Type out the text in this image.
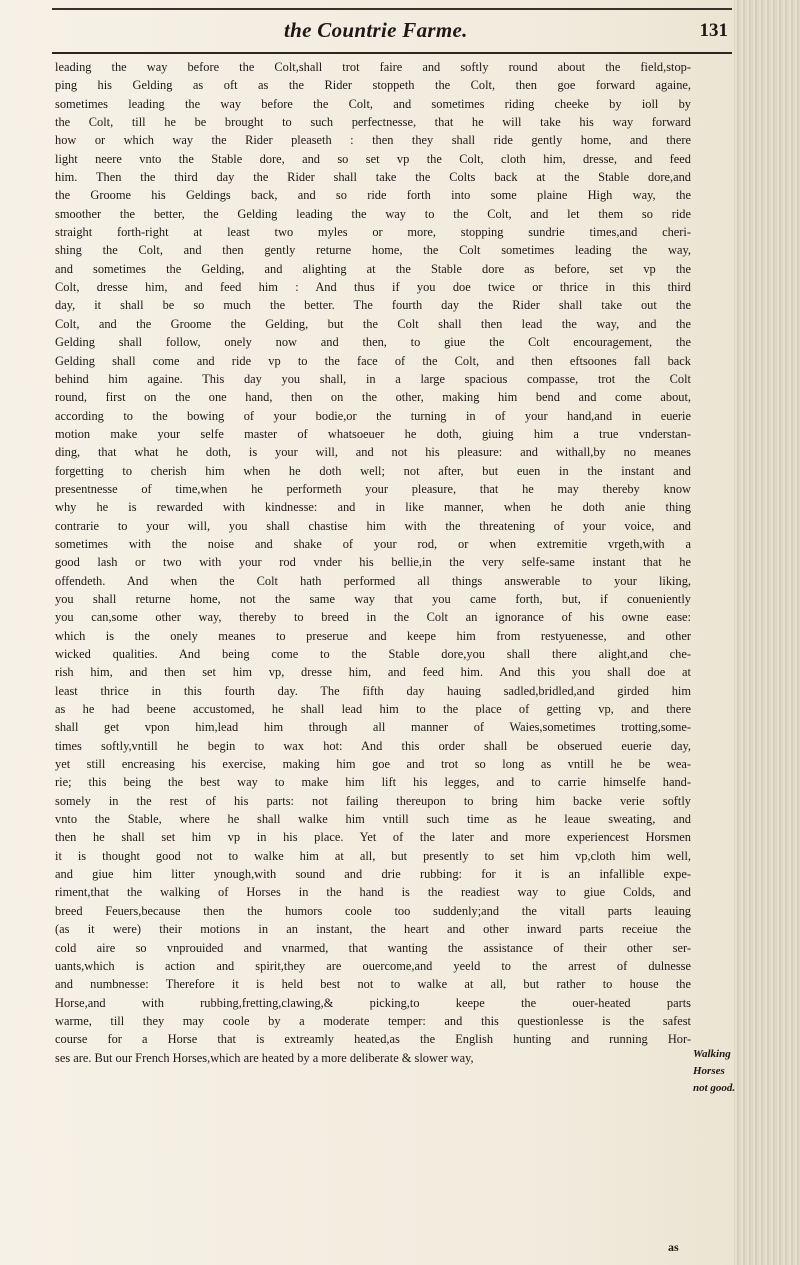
the Countrie Farme.	131
leading the way before the Colt,shall trot faire and softly round about the field,stop-
ping his Gelding as oft as the Rider stoppeth the Colt, then goe forward againe,
sometimes leading the way before the Colt, and sometimes riding cheeke by ioll by
the Colt, till he be brought to such perfectnesse, that he will take his way forward
how or which way the Rider pleaseth : then they shall ride gently home, and there
light neere vnto the Stable dore, and so set vp the Colt, cloth him, dresse, and feed
him. Then the third day the Rider shall take the Colts back at the Stable dore,and
the Groome his Geldings back, and so ride forth into some plaine High way, the
smoother the better, the Gelding leading the way to the Colt, and let them so ride
straight forth-right at least two myles or more, stopping sundrie times,and cheri-
shing the Colt, and then gently returne home, the Colt sometimes leading the way,
and sometimes the Gelding, and alighting at the Stable dore as before, set vp the
Colt, dresse him, and feed him : And thus if you doe twice or thrice in this third
day, it shall be so much the better. The fourth day the Rider shall take out the
Colt, and the Groome the Gelding, but the Colt shall then lead the way, and the
Gelding shall follow, onely now and then, to giue the Colt encouragement, the
Gelding shall come and ride vp to the face of the Colt, and then eftsoones fall back
behind him againe. This day you shall, in a large spacious compasse, trot the Colt
round, first on the one hand, then on the other, making him bend and come about,
according to the bowing of your bodie,or the turning in of your hand,and in euerie
motion make your selfe master of whatsoeuer he doth, giuing him a true vnderstan-
ding, that what he doth, is your will, and not his pleasure: and withall,by no meanes
forgetting to cherish him when he doth well; not after, but euen in the instant and
presentnesse of time,when he performeth your pleasure, that he may thereby know
why he is rewarded with kindnesse: and in like manner, when he doth anie thing
contrarie to your will, you shall chastise him with the threatening of your voice, and
sometimes with the noise and shake of your rod, or when extremitie vrgeth,with a
good lash or two with your rod vnder his bellie,in the very selfe-same instant that he
offendeth. And when the Colt hath performed all things answerable to your liking,
you shall returne home, not the same way that you came forth, but, if conueniently
you can,some other way, thereby to breed in the Colt an ignorance of his owne ease:
which is the onely meanes to preserue and keepe him from restyuenesse, and other
wicked qualities. And being come to the Stable dore,you shall there alight,and che-
rish him, and then set him vp, dresse him, and feed him. And this you shall doe at
least thrice in this fourth day. The fifth day hauing sadled,bridled,and girded him
as he had beene accustomed, he shall lead him to the place of getting vp, and there
shall get vpon him,lead him through all manner of Waies,sometimes trotting,some-
times softly,vntill he begin to wax hot: And this order shall be obserued euerie day,
yet still encreasing his exercise, making him goe and trot so long as vntill he be wea-
rie; this being the best way to make him lift his legges, and to carrie himselfe hand-
somely in the rest of his parts: not failing thereupon to bring him backe verie softly
vnto the Stable, where he shall walke him vntill such time as he leaue sweating, and
then he shall set him vp in his place. Yet of the later and more experiencest Horsmen
it is thought good not to walke him at all, but presently to set him vp,cloth him well,
and giue him litter ynough,with sound and drie rubbing: for it is an infallible expe-
riment,that the walking of Horses in the hand is the readiest way to giue Colds, and
breed Feuers,because then the humors coole too suddenly;and the vitall parts leauing
(as it were) their motions in an instant, the heart and other inward parts receiue the
cold aire so vnprouided and vnarmed, that wanting the assistance of their other ser-
uants,which is action and spirit,they are ouercome,and yeeld to the arrest of dulnesse
and numbnesse: Therefore it is held best not to walke at all, but rather to house the
Horse,and with rubbing,fretting,clawing,& picking,to keepe the ouer-heated parts
warme, till they may coole by a moderate temper: and this questionlesse is the safest
course for a Horse that is extreamly heated,as the English hunting and running Hor-
ses are. But our French Horses,which are heated by a more deliberate & slower way,	Walking Horses
not good.
as
